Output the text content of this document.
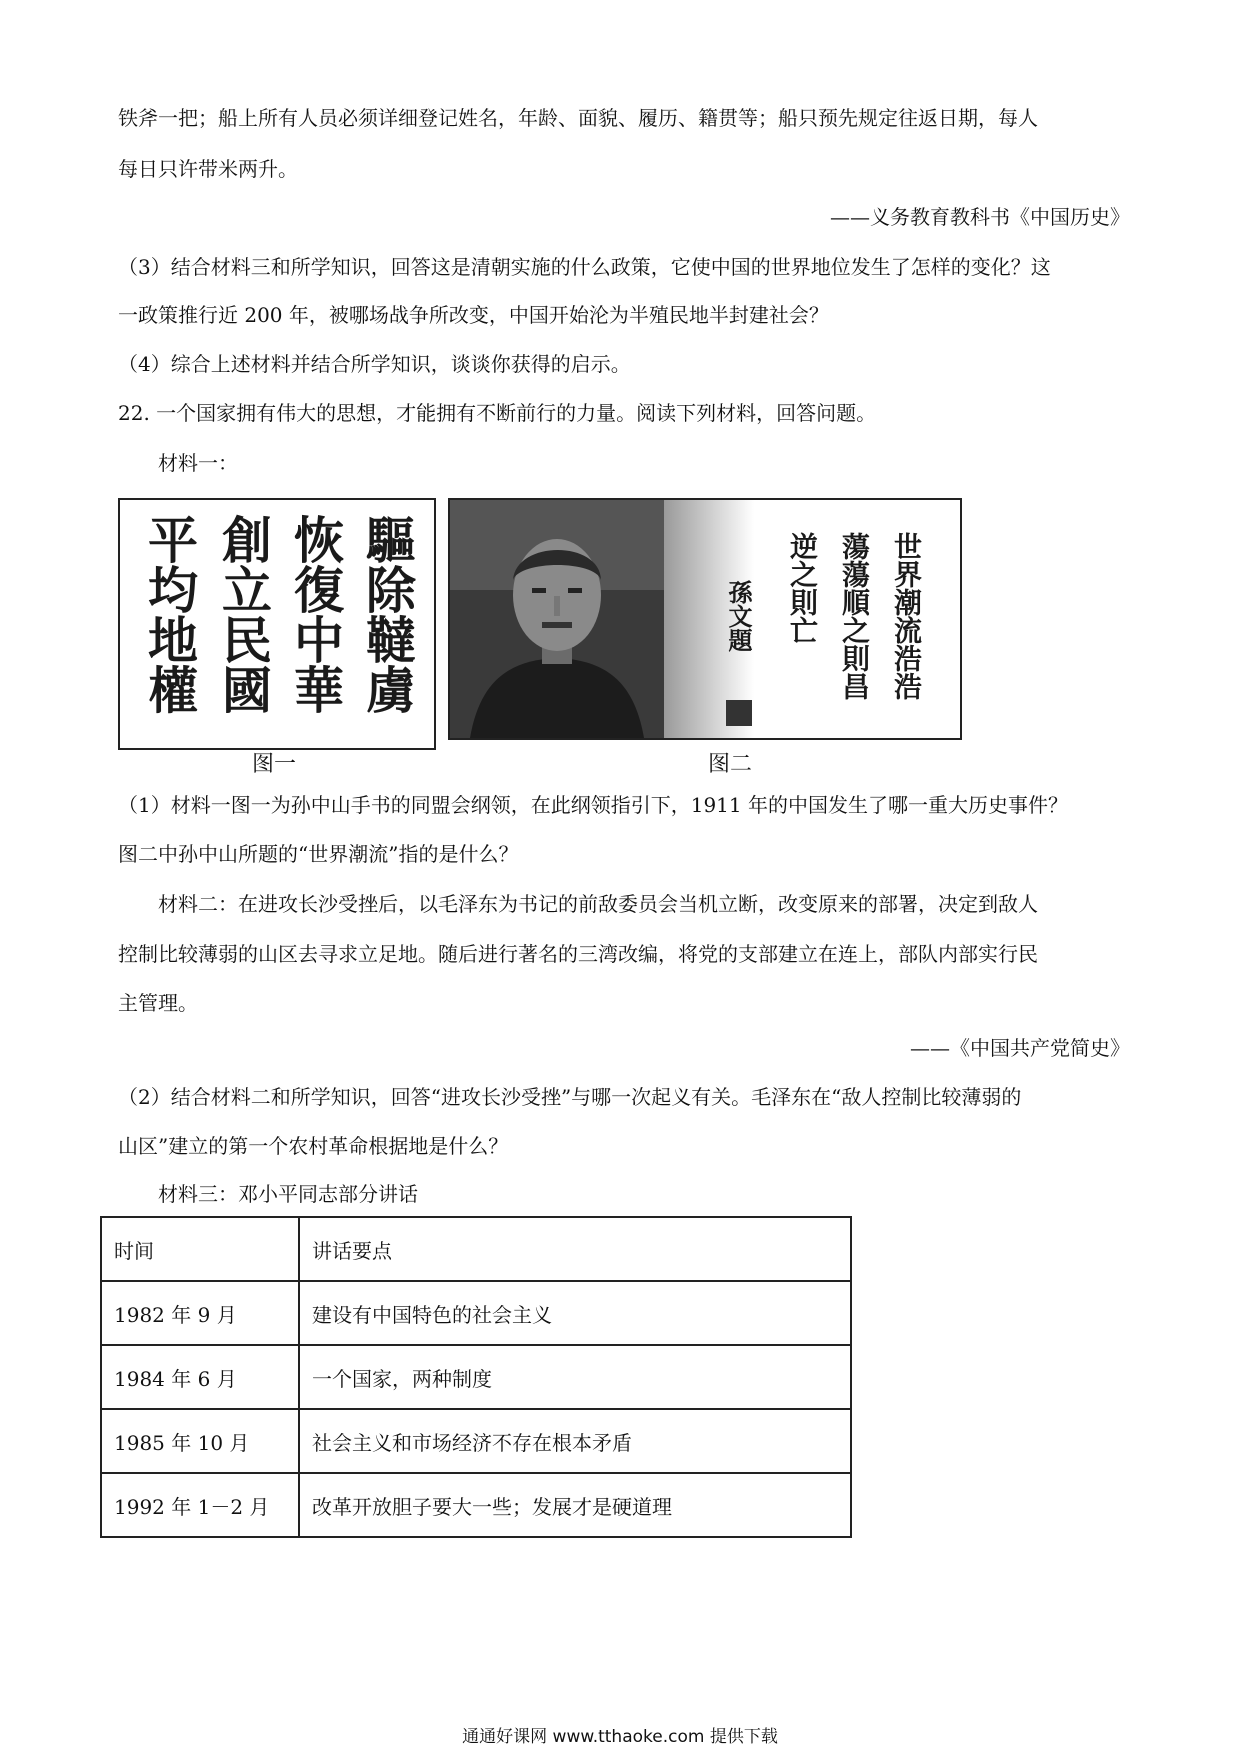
铁斧一把；船上所有人员必须详细登记姓名，年龄、面貌、履历、籍贯等；船只预先规定往返日期，每人
每日只许带米两升。
——义务教育教科书《中国历史》
（3）结合材料三和所学知识，回答这是清朝实施的什么政策，它使中国的世界地位发生了怎样的变化？这
一政策推行近 200 年，被哪场战争所改变，中国开始沦为半殖民地半封建社会？
（4）综合上述材料并结合所学知识，谈谈你获得的启示。
22. 一个国家拥有伟大的思想，才能拥有不断前行的力量。阅读下列材料，回答问题。
材料一：
驅除韃虜
恢復中華
創立民國
平均地權
图一
世界潮流浩浩
蕩蕩順之則昌
逆之則亡
孫文題
图二
（1）材料一图一为孙中山手书的同盟会纲领，在此纲领指引下，1911 年的中国发生了哪一重大历史事件？
图二中孙中山所题的“世界潮流”指的是什么？
材料二：在进攻长沙受挫后，以毛泽东为书记的前敌委员会当机立断，改变原来的部署，决定到敌人
控制比较薄弱的山区去寻求立足地。随后进行著名的三湾改编，将党的支部建立在连上，部队内部实行民
主管理。
——《中国共产党简史》
（2）结合材料二和所学知识，回答“进攻长沙受挫”与哪一次起义有关。毛泽东在“敌人控制比较薄弱的
山区”建立的第一个农村革命根据地是什么？
材料三：邓小平同志部分讲话
时间	讲话要点
1982 年 9 月	建设有中国特色的社会主义
1984 年 6 月	一个国家，两种制度
1985 年 10 月	社会主义和市场经济不存在根本矛盾
1992 年 1－2 月	改革开放胆子要大一些；发展才是硬道理
通通好课网 www.tthaoke.com 提供下载
